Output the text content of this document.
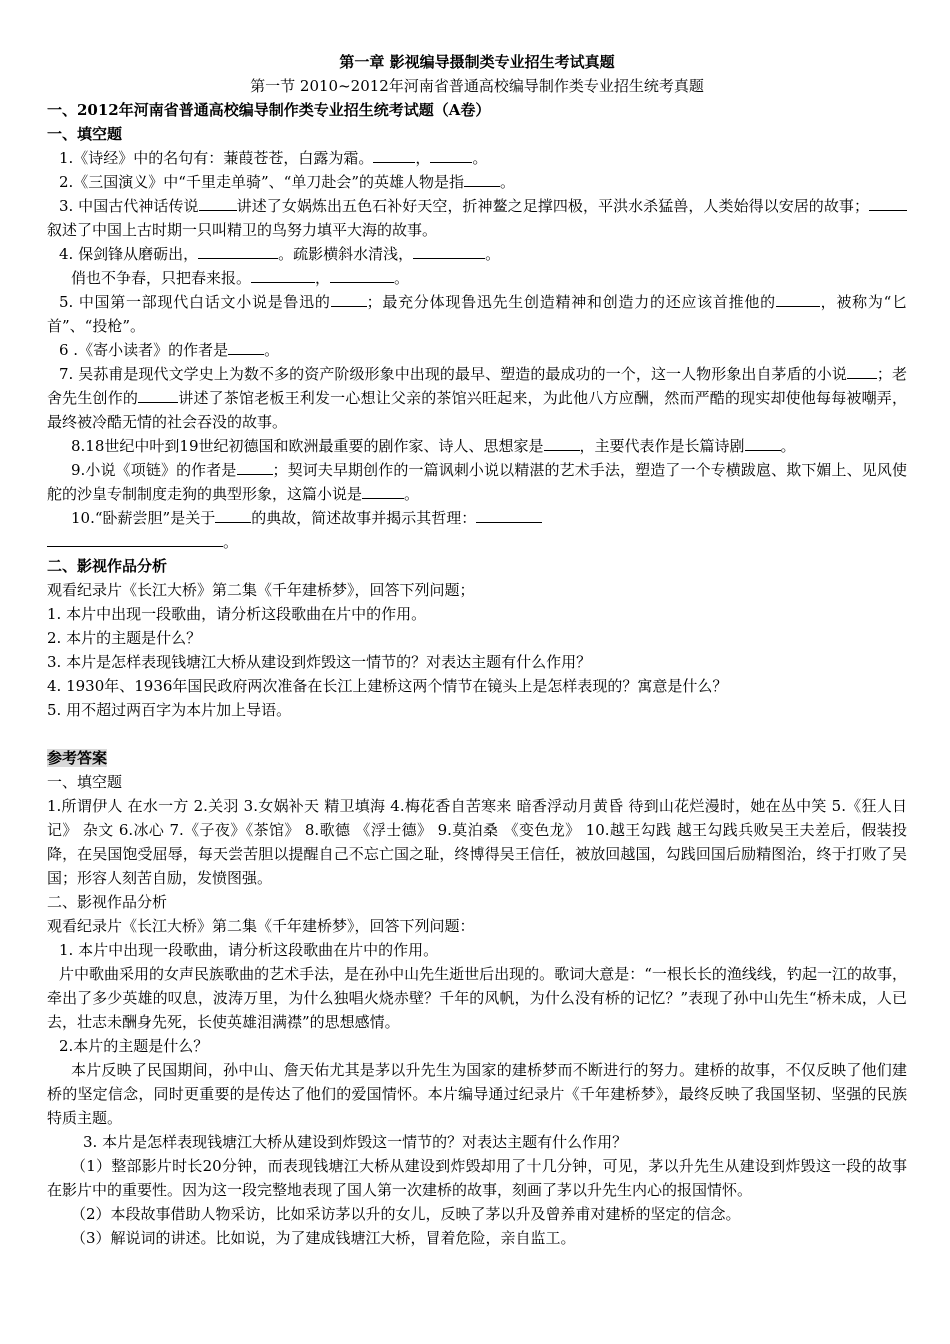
第一章 影视编导摄制类专业招生考试真题

第一节 2010~2012年河南省普通高校编导制作类专业招生统考真题

一、2012年河南省普通高校编导制作类专业招生统考试题（A卷）

一、填空题

1.《诗经》中的名句有：蒹葭苍苍，白露为霜。	，	。

2.《三国演义》中“千里走单骑”、“单刀赴会”的英雄人物是指 。

3. 中国古代神话传说	讲述了女娲炼出五色石补好天空，折神鳌之足撑四极，平洪水杀猛兽，人类始得以安居的故事；叙述了中国上古时期一只叫精卫的鸟努力填平大海的故事。

4. 保剑锋从磨砺出，	。疏影横斜水清浅，	。

俏也不争春，只把春来报。	，	。

5. 中国第一部现代白话文小说是鲁迅的 ；最充分体现鲁迅先生创造精神和创造力的还应该首推他的	，被称为“匕首”、“投枪”。

6 .《寄小读者》的作者是 。

7. 吴荪甫是现代文学史上为数不多的资产阶级形象中出现的最早、塑造的最成功的一个，这一人物形象出自茅盾的小说 ；老舍先生创作的	讲述了茶馆老板王利发一心想让父亲的茶馆兴旺起来，为此他八方应酬，然而严酷的现实却使他每每被嘲弄，最终被冷酷无情的社会吞没的故事。

8.18世纪中叶到19世纪初德国和欧洲最重要的剧作家、诗人、思想家是 ，主要代表作是长篇诗剧 。

9.小说《项链》的作者是 ；契诃夫早期创作的一篇讽刺小说以精湛的艺术手法，塑造了一个专横跋扈、欺下媚上、见风使舵的沙皇专制制度走狗的典型形象，这篇小说是	。

10.“卧薪尝胆”是关于 的典故，简述故事并揭示其哲理：

。

二、影视作品分析

观看纪录片《长江大桥》第二集《千年建桥梦》，回答下列问题；

1. 本片中出现一段歌曲，请分析这段歌曲在片中的作用。

2. 本片的主题是什么？

3. 本片是怎样表现钱塘江大桥从建设到炸毁这一情节的？对表达主题有什么作用？

4. 1930年、1936年国民政府两次准备在长江上建桥这两个情节在镜头上是怎样表现的？寓意是什么？

5. 用不超过两百字为本片加上导语。

参考答案

一、填空题

1.所谓伊人 在水一方 2.关羽 3.女娲补天 精卫填海 4.梅花香自苦寒来 暗香浮动月黄昏 待到山花烂漫时，她在丛中笑 5.《狂人日记》 杂文 6.冰心 7.《子夜》《茶馆》 8.歌德 《浮士德》 9.莫泊桑 《变色龙》 10.越王勾践 越王勾践兵败吴王夫差后，假装投降，在吴国饱受屈辱，每天尝苦胆以提醒自己不忘亡国之耻，终博得吴王信任，被放回越国，勾践回国后励精图治，终于打败了吴国；形容人刻苦自励，发愤图强。

二、影视作品分析

观看纪录片《长江大桥》第二集《千年建桥梦》，回答下列问题：

1. 本片中出现一段歌曲，请分析这段歌曲在片中的作用。

片中歌曲采用的女声民族歌曲的艺术手法，是在孙中山先生逝世后出现的。歌词大意是：“一根长长的渔线线，钓起一江的故事，牵出了多少英雄的叹息，波涛万里，为什么独唱火烧赤壁？千年的风帆，为什么没有桥的记忆？”表现了孙中山先生“桥未成，人已去，壮志未酬身先死，长使英雄泪满襟”的思想感情。

2.本片的主题是什么？

本片反映了民国期间，孙中山、詹天佑尤其是茅以升先生为国家的建桥梦而不断进行的努力。建桥的故事，不仅反映了他们建桥的坚定信念，同时更重要的是传达了他们的爱国情怀。本片编导通过纪录片《千年建桥梦》，最终反映了我国坚韧、坚强的民族特质主题。

3. 本片是怎样表现钱塘江大桥从建设到炸毁这一情节的？对表达主题有什么作用？

（1）整部影片时长20分钟，而表现钱塘江大桥从建设到炸毁却用了十几分钟，可见，茅以升先生从建设到炸毁这一段的故事在影片中的重要性。因为这一段完整地表现了国人第一次建桥的故事，刻画了茅以升先生内心的报国情怀。

（2）本段故事借助人物采访，比如采访茅以升的女儿，反映了茅以升及曾养甫对建桥的坚定的信念。

（3）解说词的讲述。比如说，为了建成钱塘江大桥，冒着危险，亲自监工。
